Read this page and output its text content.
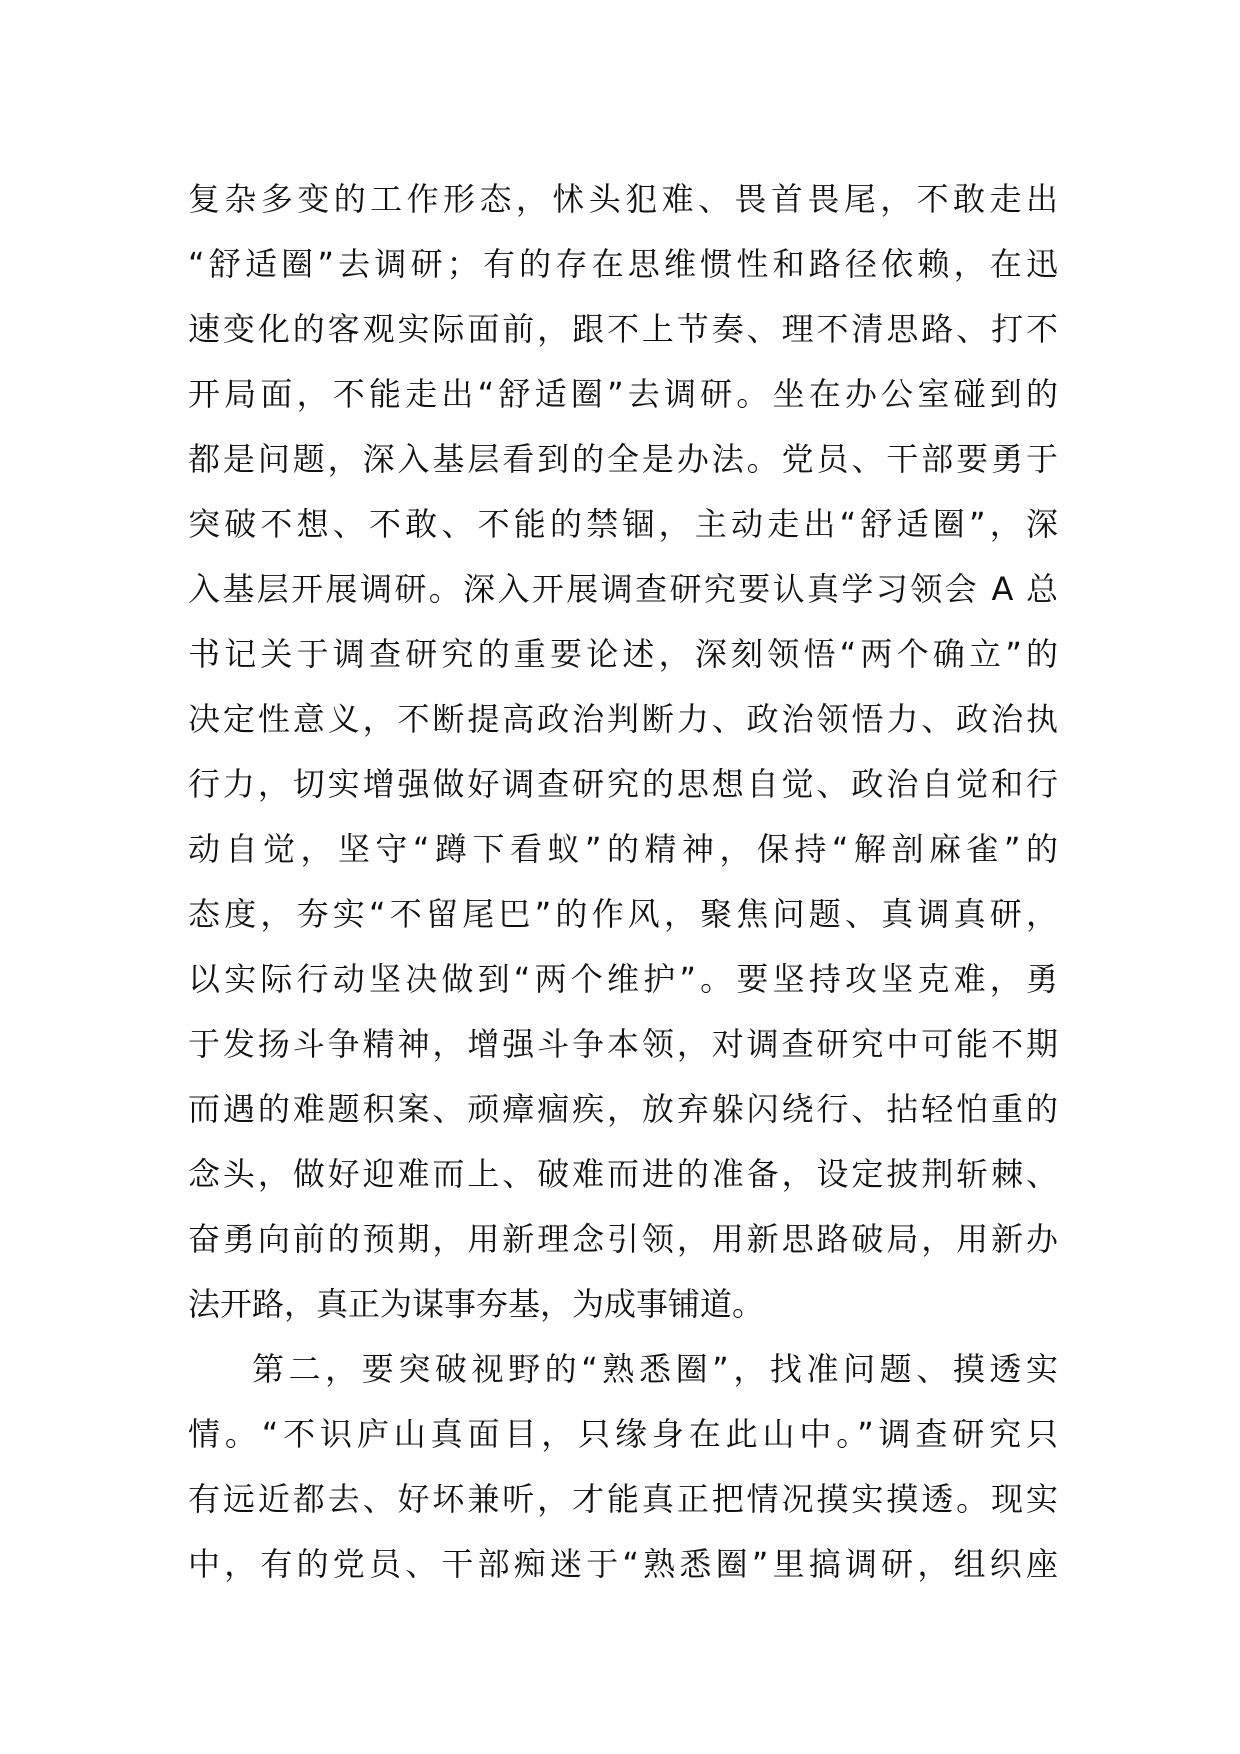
复杂多变的工作形态，怵头犯难、畏首畏尾，不敢走出
“舒适圈”去调研；有的存在思维惯性和路径依赖，在迅
速变化的客观实际面前，跟不上节奏、理不清思路、打不
开局面，不能走出“舒适圈”去调研。坐在办公室碰到的
都是问题，深入基层看到的全是办法。党员、干部要勇于
突破不想、不敢、不能的禁锢，主动走出“舒适圈”，深
入基层开展调研。深入开展调查研究要认真学习领会 A 总
书记关于调查研究的重要论述，深刻领悟“两个确立”的
决定性意义，不断提高政治判断力、政治领悟力、政治执
行力，切实增强做好调查研究的思想自觉、政治自觉和行
动自觉，坚守“蹲下看蚁”的精神，保持“解剖麻雀”的
态度，夯实“不留尾巴”的作风，聚焦问题、真调真研，
以实际行动坚决做到“两个维护”。要坚持攻坚克难，勇
于发扬斗争精神，增强斗争本领，对调查研究中可能不期
而遇的难题积案、顽瘴痼疾，放弃躲闪绕行、拈轻怕重的
念头，做好迎难而上、破难而进的准备，设定披荆斩棘、
奋勇向前的预期，用新理念引领，用新思路破局，用新办
法开路，真正为谋事夯基，为成事铺道。
第二，要突破视野的“熟悉圈”，找准问题、摸透实
情。“不识庐山真面目，只缘身在此山中。”调查研究只
有远近都去、好坏兼听，才能真正把情况摸实摸透。现实
中，有的党员、干部痴迷于“熟悉圈”里搞调研，组织座
